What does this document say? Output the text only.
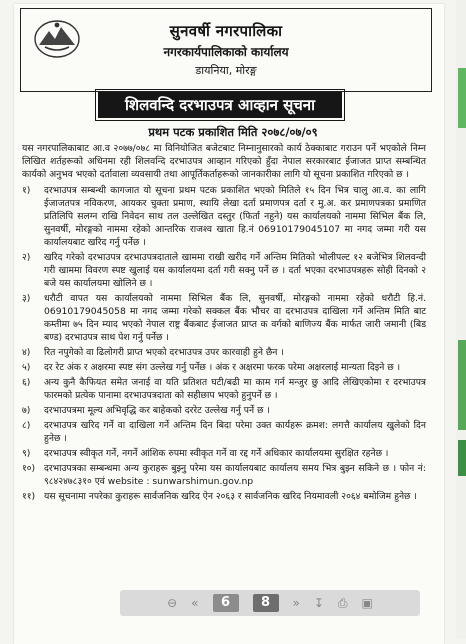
सुनवर्षी नगरपालिका
नगरकार्यपालिकाको कार्यालय
डायनिया, मोरङ्ग
शिलवन्दि दरभाउपत्र आव्हान सूचना
प्रथम पटक प्रकाशित मिति २०७८/०७/०९

यस नगरपालिकाबाट आ.व २०७७/०७८ मा विनियोजित बजेटबाट निम्नानुसारको कार्य ठेक्काबाट गराउन पर्ने भएकोले निम्न लिखित शर्तहरूको अधिनमा रही शिलवन्दि दरभाउपत्र आव्हान गरिएको हुँदा नेपाल सरकारबाट ईजाजत प्राप्त सम्बन्धित कार्यको अनुभव भएको दर्तावाला व्यवसायी तथा आपूर्तिकर्ताहरूको जानकारीका लागि यो सूचना प्रकाशित गरिएको छ ।

१)	दरभाउपत्र सम्बन्धी कागजात यो सूचना प्रथम पटक प्रकाशित भएको मितिले १५ दिन भित्र चालु आ.व. का लागि ईजाजतपत्र नविकरण, आयकर चुक्ता प्रमाण, स्थायि लेखा दर्ता प्रमाणपत्र दर्ता र मु.अ. कर प्रमाणपत्रका प्रमाणित प्रतिलिपि सलग्न राखि निवेदन साथ तल उल्लेखित दस्तुर (फिर्ता नहुने) यस कार्यालयको नाममा सिभिल बैंक लि, सुनवर्षी, मोरङ्गको नाममा रहेको आन्तरिक राजश्व खाता हि.नं 06910179045107 मा नगद जम्मा गरी यस कार्यालयबाट खरिद गर्नु पर्नेछ ।
२)	खरिद गरेको दरभाउपत्र दरभाउपत्रदाताले खाममा राखी खरीद गर्ने अन्तिम मितिको भोलीपल्ट १२ बजेभित्र शिलवन्दी गरी खाममा विवरण स्पष्ट खुलाई यस कार्यालयमा दर्ता गरी सक्नु पर्ने छ । दर्ता भएका दरभाउपत्रहरू सोही दिनको २ बजे यस कार्यालयमा खोलिने छ ।
३)	धरौटी वापत यस कार्यालयको नाममा सिभिल बैंक लि, सुनवर्षी, मोरङ्गको नाममा रहेको धरौटी हि.नं. 06910179045058 मा नगद जम्मा गरेको सक्कल बैंक भौचर वा दरभाउपत्र दाखिला गर्ने अन्तिम मिति बाट कम्तीमा ७५ दिन म्याद भएको नेपाल राष्ट्र बैंकबाट ईजाजत प्राप्त क वर्गको बाणिज्य बैंक मार्फत जारी जमानी (बिड बण्ड) दरभाउपत्र साथ पेश गर्नु पर्नेछ ।
४)	रित नपुगेको वा ढिलोगरी प्राप्त भएको दरभाउपत्र उपर कारवाही हुने छैन ।
५)	दर रेट अंक र अक्षरमा स्पष्ट संग उल्लेख गर्नु पर्नेछ । अंक र अक्षरमा फरक परेमा अक्षरलाई मान्यता दिइने छ ।
६)	अन्य कुनै कैफियत समेत जनाई वा यति प्रतिशत घटी/बढी मा काम गर्न मन्जुर छु आदि लेखिएकोमा र दरभाउपत्र फारमको प्रत्येक पानामा दरभाउपत्रदाता को सहीछाप भएको हुनुपर्ने छ ।
७)	दरभाउपत्रमा मूल्य अभिवृद्धि कर बाहेकको दररेट उल्लेख गर्नु पर्ने छ ।
८)	दरभाउपत्र खरिद गर्ने वा दाखिला गर्ने अन्तिम दिन बिदा परेमा उक्त कार्यहरू क्रमश: लगत्तै कार्यालय खुलेको दिन हुनेछ ।
९)	दरभाउपत्र स्वीकृत गर्ने, नगर्ने आंशिक रुपमा स्वीकृत गर्ने वा रद्द गर्ने अधिकार कार्यालयमा सुरक्षित रहनेछ ।
१०) दरभाउपत्रका सम्बन्धमा अन्य कुराहरू बुझ्नु परेमा यस कार्यालयबाट कार्यालय समय भित्र बुझ्न सकिने छ । फोन नं: ९८४२४७८३१० एवं website : sunwarshimun.gov.np
११) यस सूचनामा नपरेका कुराहरू सार्वजनिक खरिद ऐन २०६३ र सार्वजनिक खरिद नियमावली २०६४ बमोजिम हुनेछ ।
⊖ «	6	8	» ↧ ⎙ ▣
